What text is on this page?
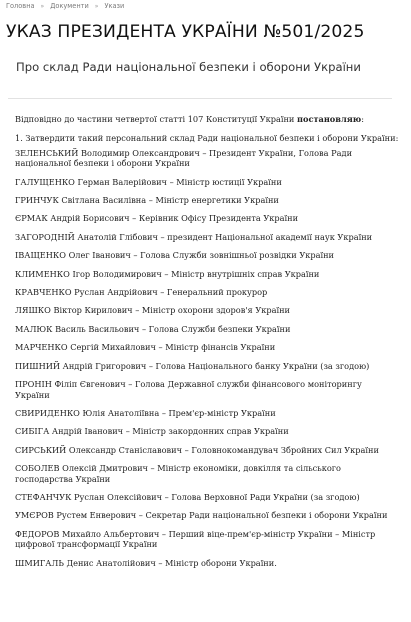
Головна » Документи » Укази
УКАЗ ПРЕЗИДЕНТА УКРАЇНИ №501/2025
Про склад Ради національної безпеки і оборони України

Відповідно до частини четвертої статті 107 Конституції України постановляю:

1. Затвердити такий персональний склад Ради національної безпеки і оборони України:

ЗЕЛЕНСЬКИЙ Володимир Олександрович – Президент України, Голова Ради національної безпеки і оборони України

ГАЛУЩЕНКО Герман Валерійович – Міністр юстиції України

ГРИНЧУК Світлана Василівна – Міністр енергетики України

ЄРМАК Андрій Борисович – Керівник Офісу Президента України

ЗАГОРОДНІЙ Анатолій Глібович – президент Національної академії наук України

ІВАЩЕНКО Олег Іванович – Голова Служби зовнішньої розвідки України

КЛИМЕНКО Ігор Володимирович – Міністр внутрішніх справ України

КРАВЧЕНКО Руслан Андрійович – Генеральний прокурор

ЛЯШКО Віктор Кирилович – Міністр охорони здоров'я України

МАЛЮК Василь Васильович – Голова Служби безпеки України

МАРЧЕНКО Сергій Михайлович – Міністр фінансів України

ПИШНИЙ Андрій Григорович – Голова Національного банку України (за згодою)

ПРОНІН Філіп Євгенович – Голова Державної служби фінансового моніторингу України

СВИРИДЕНКО Юлія Анатоліївна – Прем'єр-міністр України

СИБІГА Андрій Іванович – Міністр закордонних справ України

СИРСЬКИЙ Олександр Станіславович – Головнокомандувач Збройних Сил України

СОБОЛЕВ Олексій Дмитрович – Міністр економіки, довкілля та сільського господарства України

СТЕФАНЧУК Руслан Олексійович – Голова Верховної Ради України (за згодою)

УМЄРОВ Рустем Енверович – Секретар Ради національної безпеки і оборони України

ФЕДОРОВ Михайло Альбертович – Перший віце-прем'єр-міністр України – Міністр цифрової трансформації України

ШМИГАЛЬ Денис Анатолійович – Міністр оборони України.
